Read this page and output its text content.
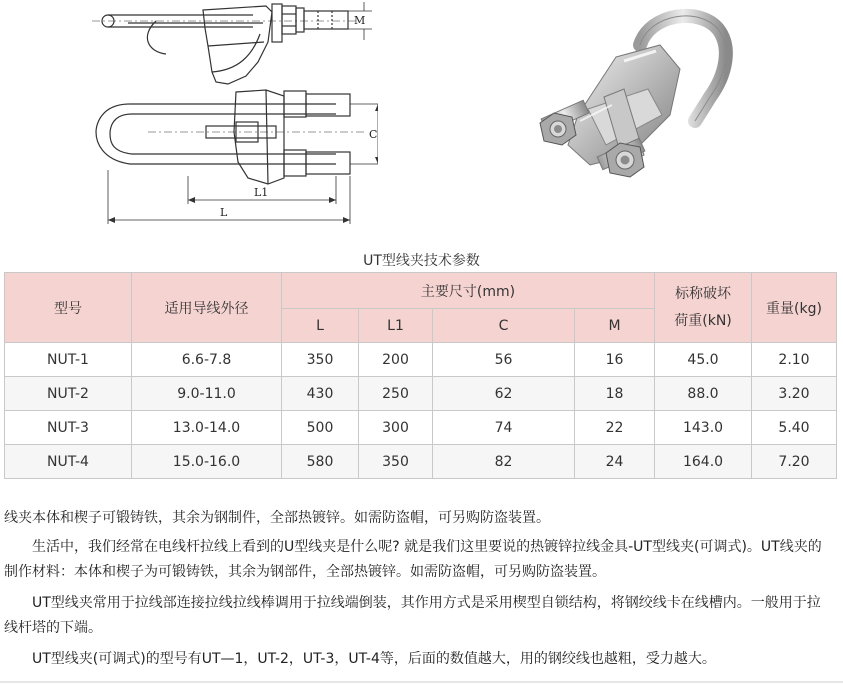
M
C
L1
L
UT型线夹技术参数
型号	适用导线外径	主要尺寸(mm)				标称破坏荷重(kN)	重量(kg)
		L	L1	C	M		
NUT-1	6.6-7.8	350	200	56	16	45.0	2.10
NUT-2	9.0-11.0	430	250	62	18	88.0	3.20
NUT-3	13.0-14.0	500	300	74	22	143.0	5.40
NUT-4	15.0-16.0	580	350	82	24	164.0	7.20

线夹本体和楔子可锻铸铁，其余为钢制件，全部热镀锌。如需防盗帽，可另购防盗装置。

生活中，我们经常在电线杆拉线上看到的U型线夹是什么呢? 就是我们这里要说的热镀锌拉线金具-UT型线夹(可调式)。UT线夹的制作材料：本体和楔子为可锻铸铁，其余为钢部件，全部热镀锌。如需防盗帽，可另购防盗装置。

UT型线夹常用于拉线部连接拉线拉线棒调用于拉线端倒装，其作用方式是采用楔型自锁结构，将钢绞线卡在线槽内。一般用于拉线杆塔的下端。

UT型线夹(可调式)的型号有UT—1，UT-2，UT-3，UT-4等，后面的数值越大，用的钢绞线也越粗，受力越大。
